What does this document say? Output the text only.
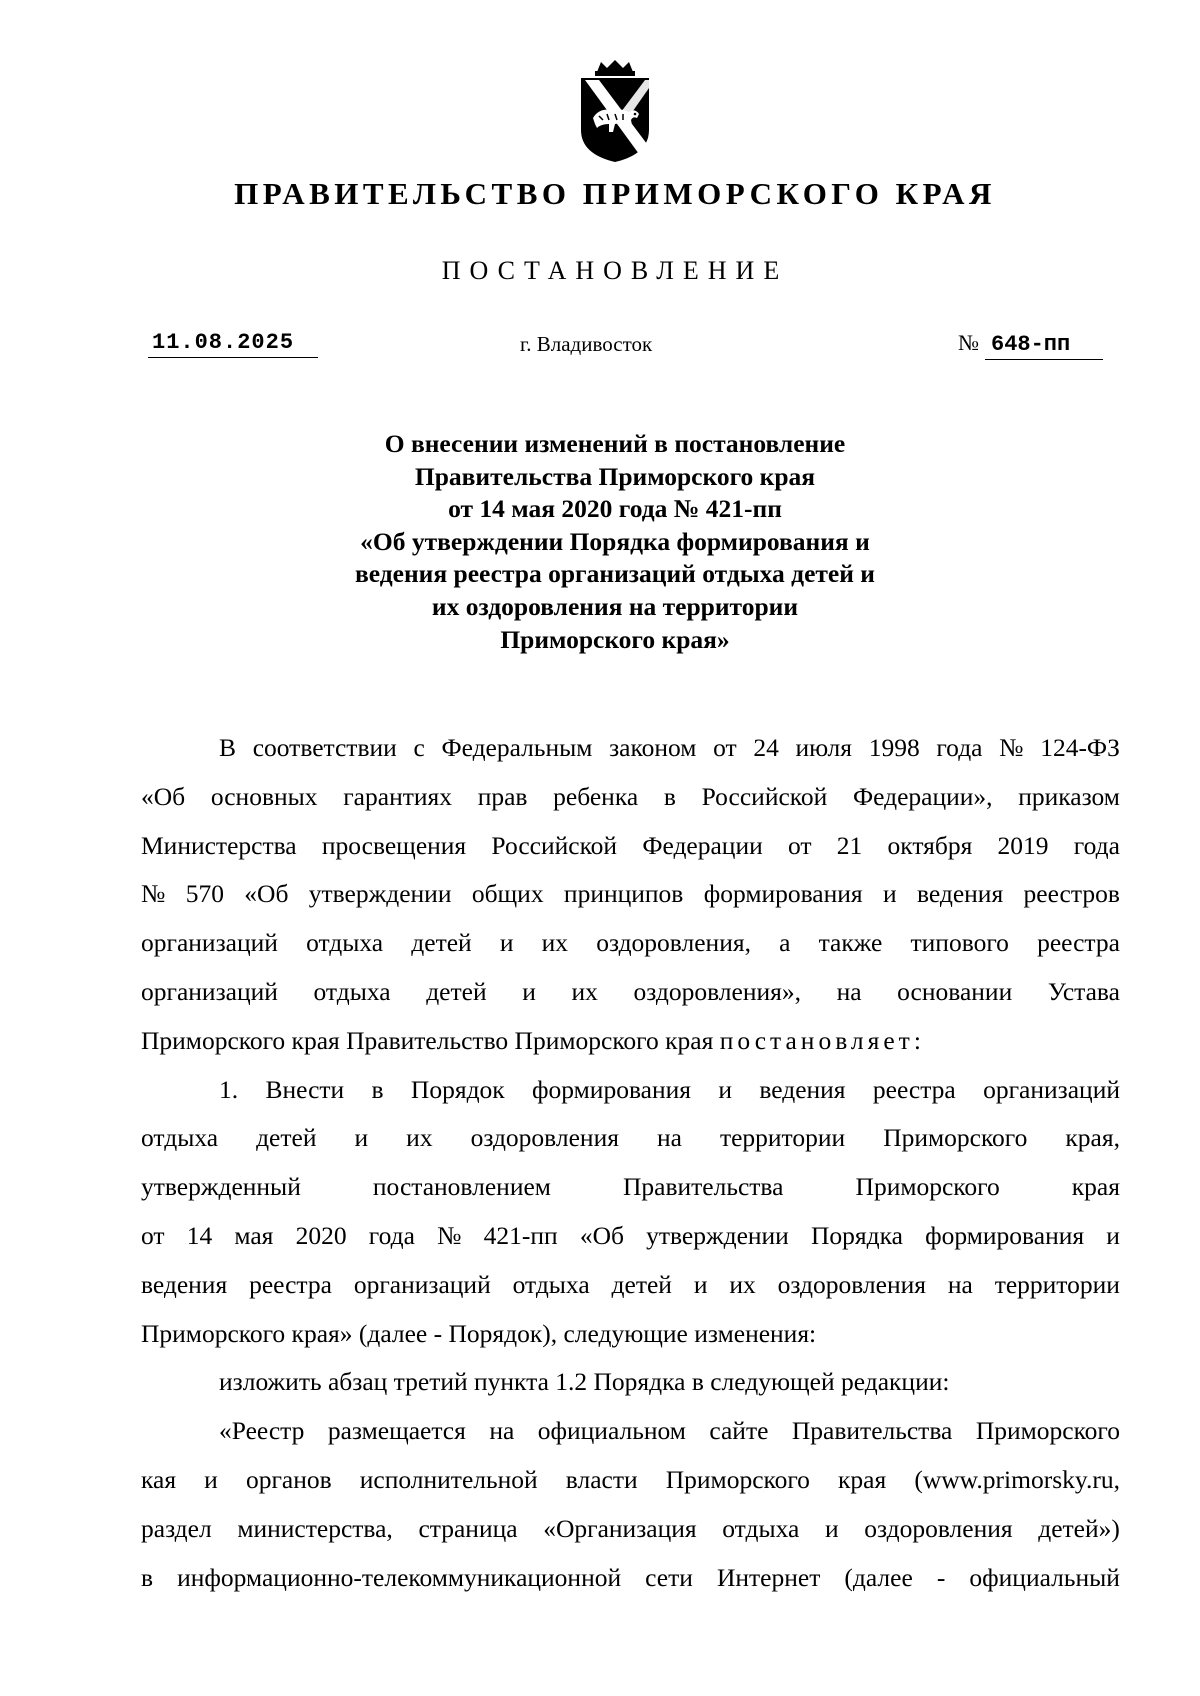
ПРАВИТЕЛЬСТВО ПРИМОРСКОГО КРАЯ
ПОСТАНОВЛЕНИЕ
11.08.2025	г. Владивосток	№ 648-пп
О внесении изменений в постановление
Правительства Приморского края
от 14 мая 2020 года № 421-пп
«Об утверждении Порядка формирования и
ведения реестра организаций отдыха детей и
их оздоровления на территории
Приморского края»
В соответствии с Федеральным законом от 24 июля 1998 года № 124-ФЗ
«Об основных гарантиях прав ребенка в Российской Федерации», приказом
Министерства просвещения Российской Федерации от 21 октября 2019 года
№ 570 «Об утверждении общих принципов формирования и ведения реестров
организаций отдыха детей и их оздоровления, а также типового реестра
организаций отдыха детей и их оздоровления», на основании Устава
Приморского края Правительство Приморского края постановляет:
1. Внести в Порядок формирования и ведения реестра организаций
отдыха детей и их оздоровления на территории Приморского края,
утвержденный	постановлением	Правительства	Приморского	края
от 14 мая 2020 года № 421-пп «Об утверждении Порядка формирования и
ведения реестра организаций отдыха детей и их оздоровления на территории
Приморского края» (далее - Порядок), следующие изменения:
изложить абзац третий пункта 1.2 Порядка в следующей редакции:
«Реестр размещается на официальном сайте Правительства Приморского
кая и органов исполнительной власти Приморского края (www.primorsky.ru,
раздел министерства, страница «Организация отдыха и оздоровления детей»)
в информационно-телекоммуникационной сети Интернет (далее - официальный
